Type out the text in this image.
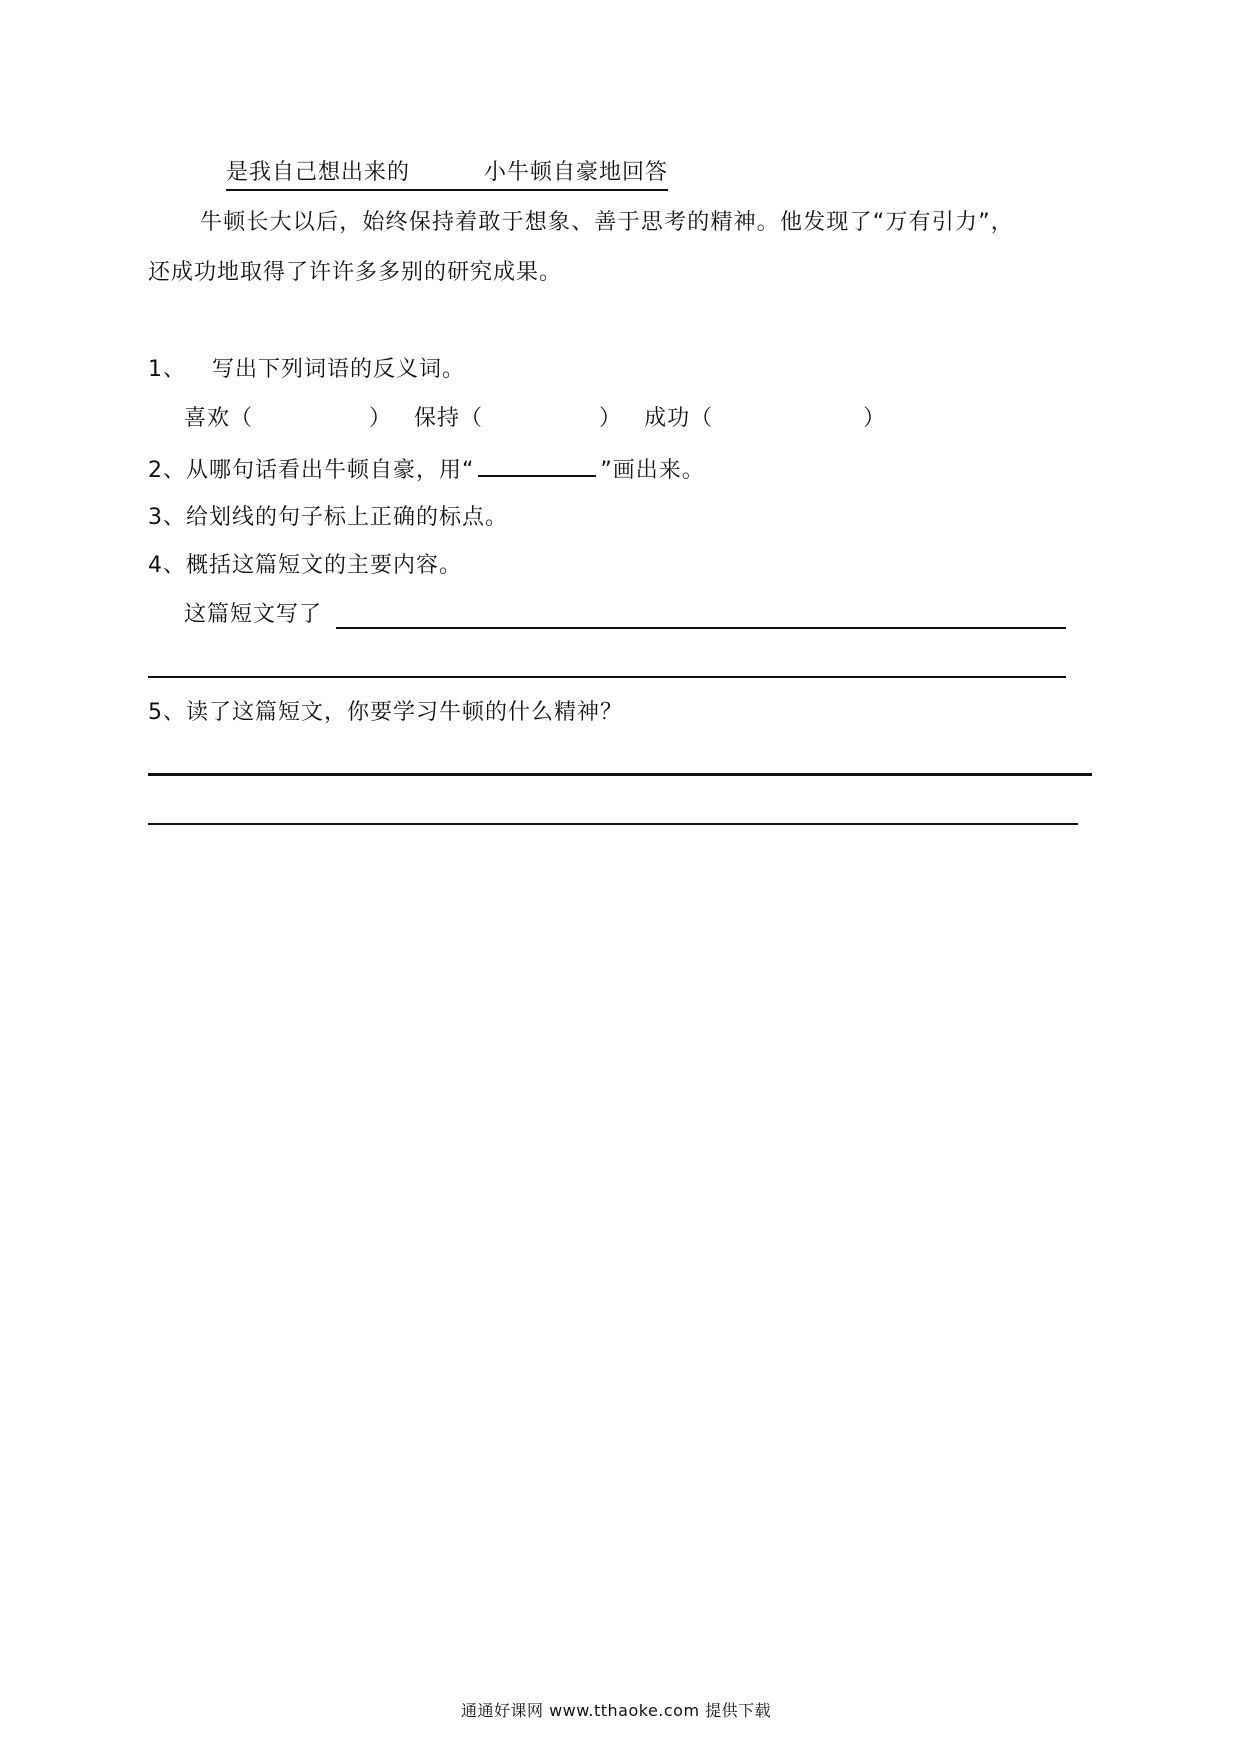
是我自己想出来的	小牛顿自豪地回答
牛顿长大以后，始终保持着敢于想象、善于思考的精神。他发现了“万有引力”，
还成功地取得了许许多多别的研究成果。
1、 写出下列词语的反义词。
喜欢（	） 保持（	） 成功（	）
2、从哪句话看出牛顿自豪，用“	”画出来。
3、给划线的句子标上正确的标点。
4、概括这篇短文的主要内容。
这篇短文写了
5、读了这篇短文，你要学习牛顿的什么精神？
通通好课网 www.tthaoke.com 提供下载
